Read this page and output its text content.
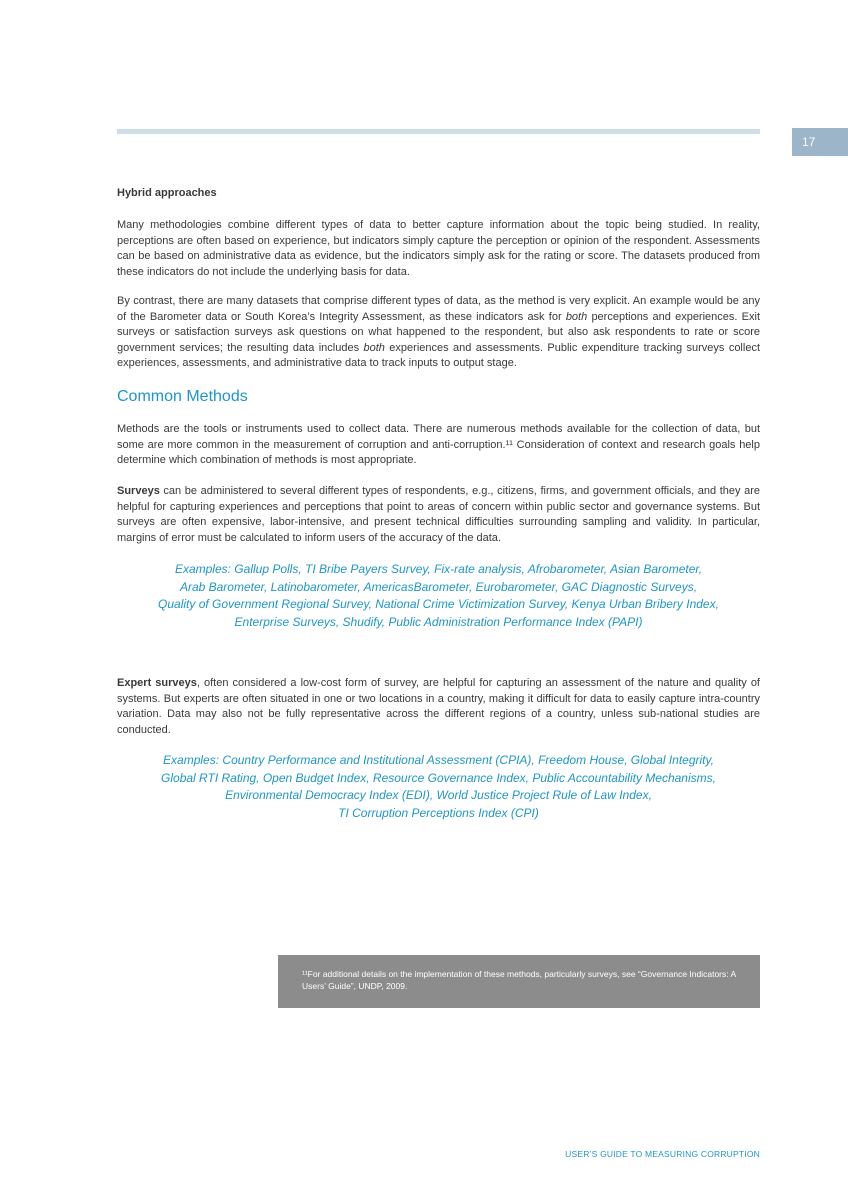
17
Hybrid approaches

Many methodologies combine different types of data to better capture information about the topic being studied. In reality, perceptions are often based on experience, but indicators simply capture the perception or opinion of the respondent. Assessments can be based on administrative data as evidence, but the indicators simply ask for the rating or score. The datasets produced from these indicators do not include the underlying basis for data.

By contrast, there are many datasets that comprise different types of data, as the method is very explicit. An example would be any of the Barometer data or South Korea’s Integrity Assessment, as these indicators ask for both perceptions and experiences. Exit surveys or satisfaction surveys ask questions on what happened to the respondent, but also ask respondents to rate or score government services; the resulting data includes both experiences and assessments. Public expenditure tracking surveys collect experiences, assessments, and administrative data to track inputs to output stage.

Common Methods

Methods are the tools or instruments used to collect data. There are numerous methods available for the collection of data, but some are more common in the measurement of corruption and anti-corruption.¹¹ Consideration of context and research goals help determine which combination of methods is most appropriate.

Surveys can be administered to several different types of respondents, e.g., citizens, firms, and government officials, and they are helpful for capturing experiences and perceptions that point to areas of concern within public sector and governance systems. But surveys are often expensive, labor-intensive, and present technical difficulties surrounding sampling and validity. In particular, margins of error must be calculated to inform users of the accuracy of the data.

Examples: Gallup Polls, TI Bribe Payers Survey, Fix-rate analysis, Afrobarometer, Asian Barometer,
Arab Barometer, Latinobarometer, AmericasBarometer, Eurobarometer, GAC Diagnostic Surveys,
Quality of Government Regional Survey, National Crime Victimization Survey, Kenya Urban Bribery Index,
Enterprise Surveys, Shudify, Public Administration Performance Index (PAPI)

Expert surveys, often considered a low-cost form of survey, are helpful for capturing an assessment of the nature and quality of systems. But experts are often situated in one or two locations in a country, making it difficult for data to easily capture intra-country variation. Data may also not be fully representative across the different regions of a country, unless sub-national studies are conducted.

Examples: Country Performance and Institutional Assessment (CPIA), Freedom House, Global Integrity,
Global RTI Rating, Open Budget Index, Resource Governance Index, Public Accountability Mechanisms,
Environmental Democracy Index (EDI), World Justice Project Rule of Law Index,
TI Corruption Perceptions Index (CPI)

¹¹For additional details on the implementation of these methods, particularly surveys, see “Governance Indicators: A Users’ Guide”, UNDP, 2009.
USER’S GUIDE TO MEASURING CORRUPTION
